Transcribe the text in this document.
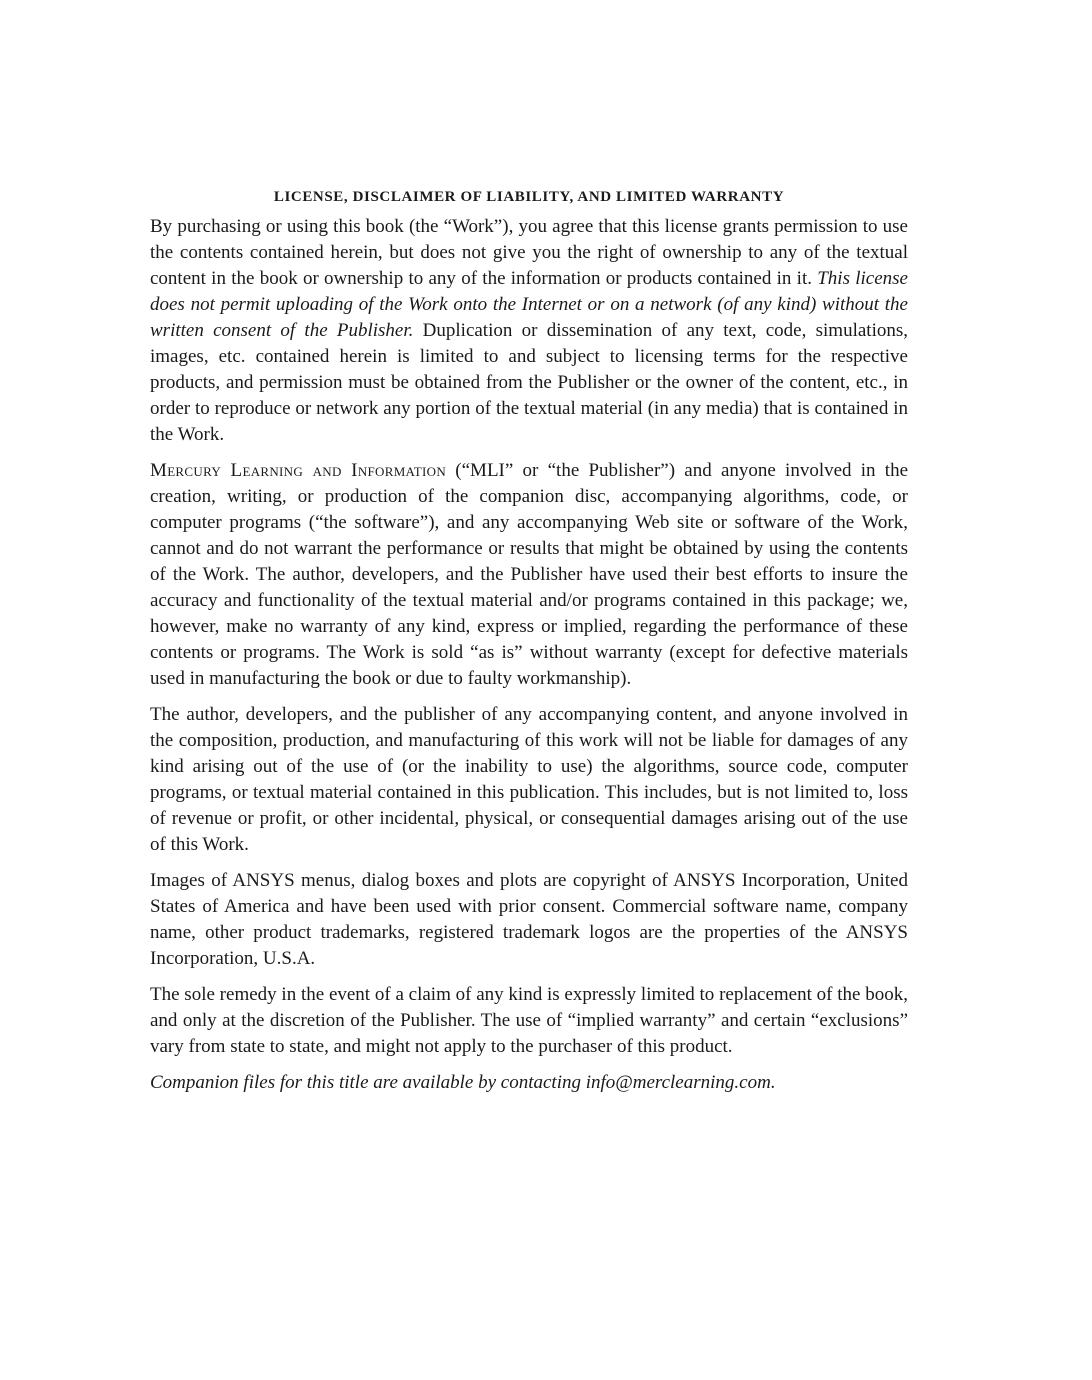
LICENSE, DISCLAIMER OF LIABILITY, AND LIMITED WARRANTY

By purchasing or using this book (the “Work”), you agree that this license grants permission to use the contents contained herein, but does not give you the right of ownership to any of the textual content in the book or ownership to any of the information or products contained in it. This license does not permit uploading of the Work onto the Internet or on a network (of any kind) without the written consent of the Publisher. Duplication or dissemination of any text, code, simulations, images, etc. contained herein is limited to and subject to licensing terms for the respective products, and permission must be obtained from the Publisher or the owner of the content, etc., in order to reproduce or network any portion of the textual material (in any media) that is contained in the Work.

Mercury Learning and Information (“MLI” or “the Publisher”) and anyone involved in the creation, writing, or production of the companion disc, accompanying algorithms, code, or computer programs (“the software”), and any accompanying Web site or software of the Work, cannot and do not warrant the performance or results that might be obtained by using the contents of the Work. The author, developers, and the Publisher have used their best efforts to insure the accuracy and functionality of the textual material and/or programs contained in this package; we, however, make no warranty of any kind, express or implied, regarding the performance of these contents or programs. The Work is sold “as is” without warranty (except for defective materials used in manufacturing the book or due to faulty workmanship).

The author, developers, and the publisher of any accompanying content, and anyone involved in the composition, production, and manufacturing of this work will not be liable for damages of any kind arising out of the use of (or the inability to use) the algorithms, source code, computer programs, or textual material contained in this publication. This includes, but is not limited to, loss of revenue or profit, or other incidental, physical, or consequential damages arising out of the use of this Work.

Images of ANSYS menus, dialog boxes and plots are copyright of ANSYS Incorporation, United States of America and have been used with prior consent. Commercial software name, company name, other product trademarks, registered trademark logos are the properties of the ANSYS Incorporation, U.S.A.

The sole remedy in the event of a claim of any kind is expressly limited to replacement of the book, and only at the discretion of the Publisher. The use of “implied warranty” and certain “exclusions” vary from state to state, and might not apply to the purchaser of this product.

Companion files for this title are available by contacting info@merclearning.com.
